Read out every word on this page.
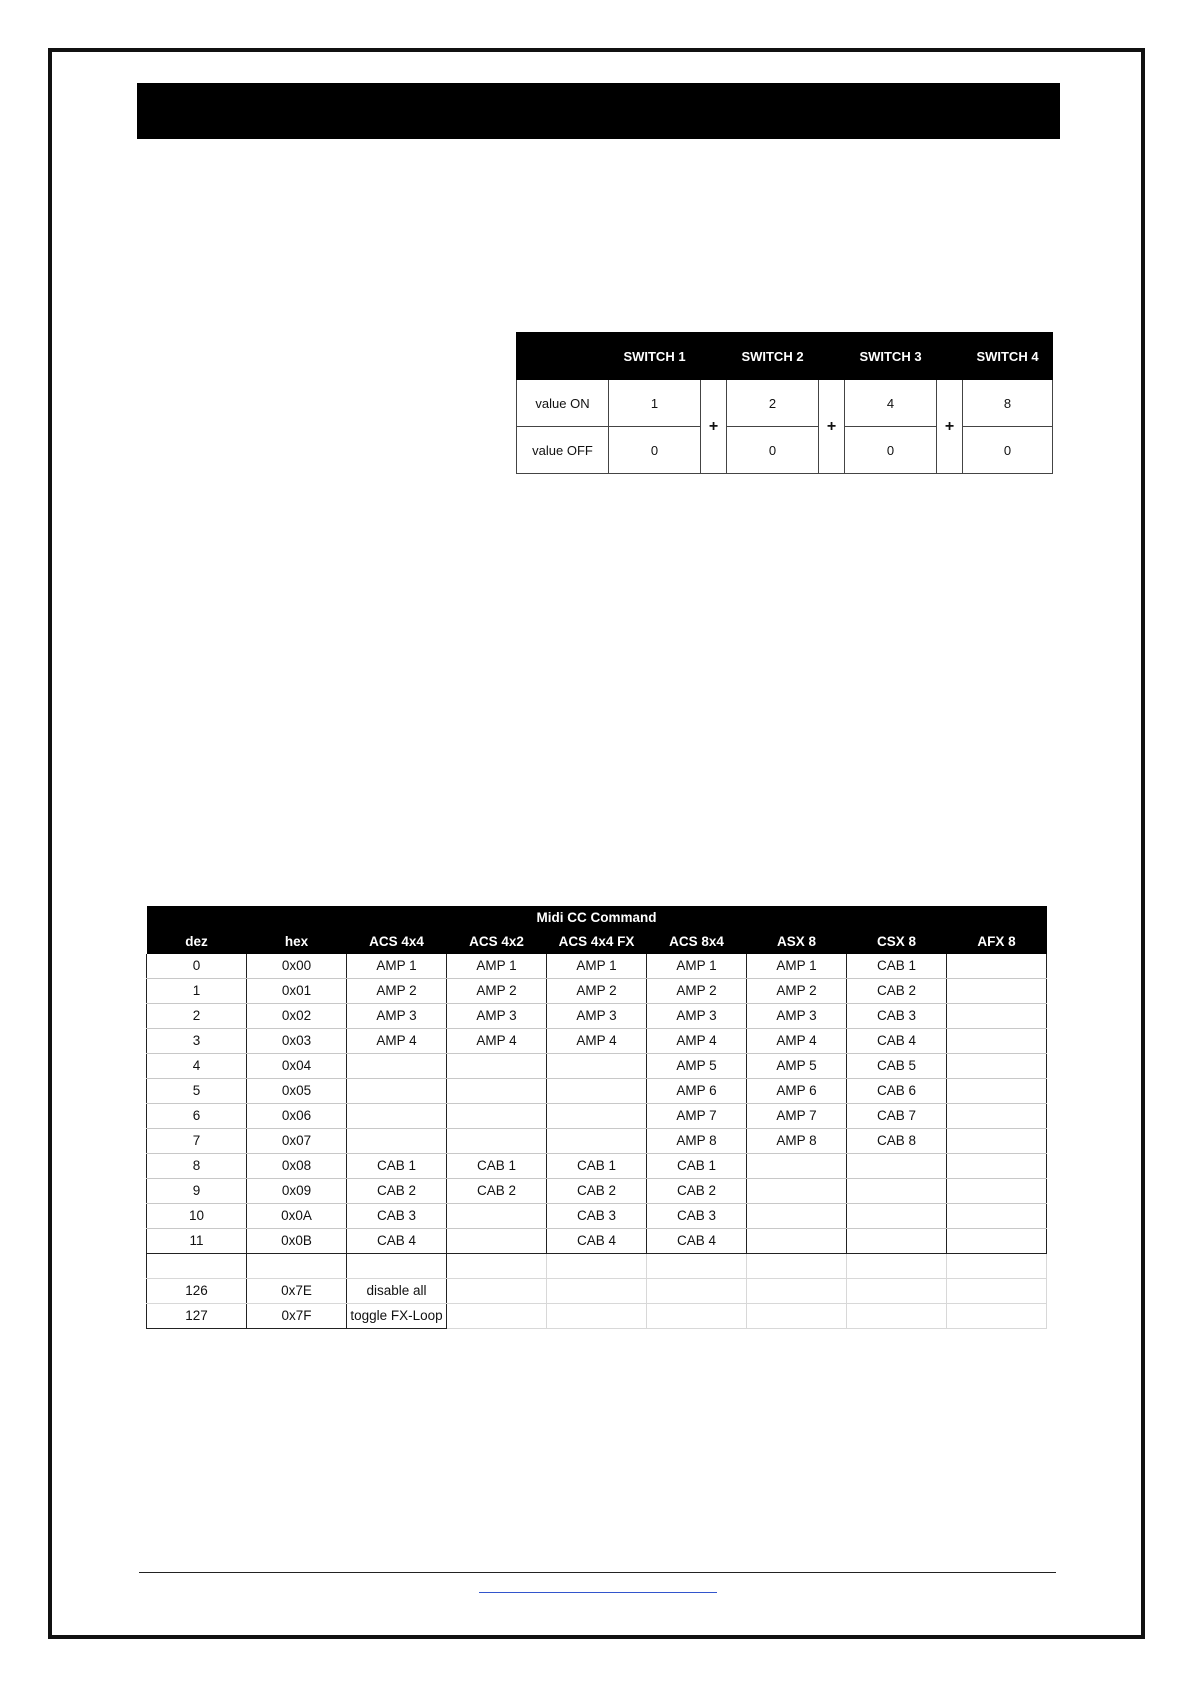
	SWITCH 1		SWITCH 2		SWITCH 3		SWITCH 4
value ON	1	+	2	+	4	+	8
value OFF	0		0		0		0
Midi CC Command								
dez	hex	ACS 4x4	ACS 4x2	ACS 4x4 FX	ACS 8x4	ASX 8	CSX 8	AFX 8
0	0x00	AMP 1	AMP 1	AMP 1	AMP 1	AMP 1	CAB 1	
1	0x01	AMP 2	AMP 2	AMP 2	AMP 2	AMP 2	CAB 2	
2	0x02	AMP 3	AMP 3	AMP 3	AMP 3	AMP 3	CAB 3	
3	0x03	AMP 4	AMP 4	AMP 4	AMP 4	AMP 4	CAB 4	
4	0x04				AMP 5	AMP 5	CAB 5	
5	0x05				AMP 6	AMP 6	CAB 6	
6	0x06				AMP 7	AMP 7	CAB 7	
7	0x07				AMP 8	AMP 8	CAB 8	
8	0x08	CAB 1	CAB 1	CAB 1	CAB 1			
9	0x09	CAB 2	CAB 2	CAB 2	CAB 2			
10	0x0A	CAB 3		CAB 3	CAB 3			
11	0x0B	CAB 4		CAB 4	CAB 4			

126	0x7E	disable all						
127	0x7F	toggle FX-Loop						
